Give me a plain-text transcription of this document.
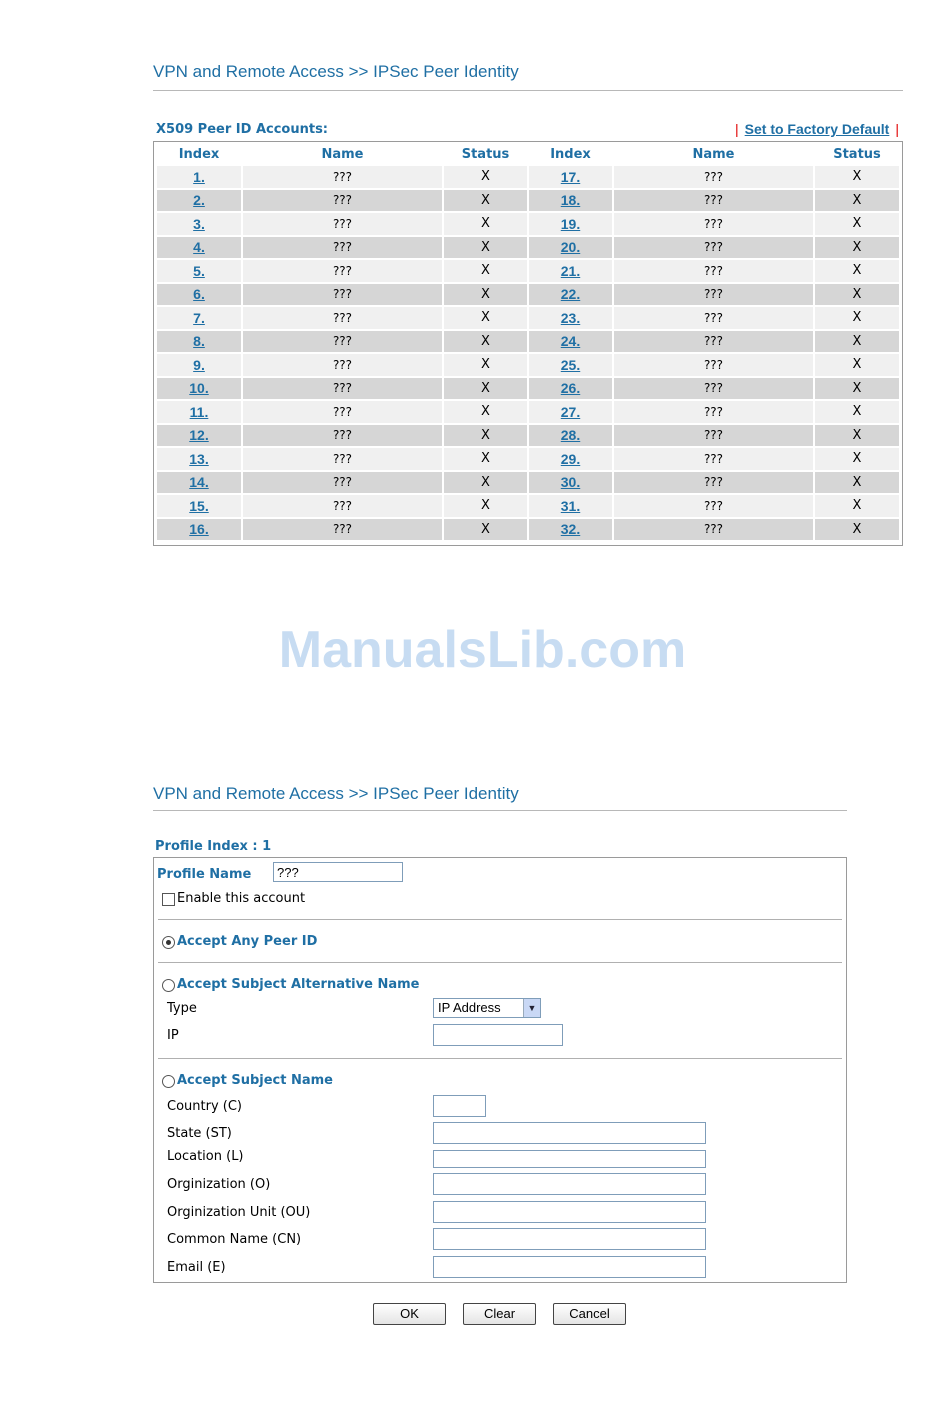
VPN and Remote Access >> IPSec Peer Identity
X509 Peer ID Accounts:	| Set to Factory Default |
Index	Name	Status	Index	Name	Status
1.	???	X	17.	???	X
2.	???	X	18.	???	X
3.	???	X	19.	???	X
4.	???	X	20.	???	X
5.	???	X	21.	???	X
6.	???	X	22.	???	X
7.	???	X	23.	???	X
8.	???	X	24.	???	X
9.	???	X	25.	???	X
10.	???	X	26.	???	X
11.	???	X	27.	???	X
12.	???	X	28.	???	X
13.	???	X	29.	???	X
14.	???	X	30.	???	X
15.	???	X	31.	???	X
16.	???	X	32.	???	X
ManualsLib.com
VPN and Remote Access >> IPSec Peer Identity
Profile Index : 1
Profile Name
???
Enable this account
Accept Any Peer ID
Accept Subject Alternative Name
Type	IP Address	▼
IP
Accept Subject Name
Country (C)
State (ST)
Location (L)
Orginization (O)
Orginization Unit (OU)
Common Name (CN)
Email (E)
OK	Clear	Cancel
